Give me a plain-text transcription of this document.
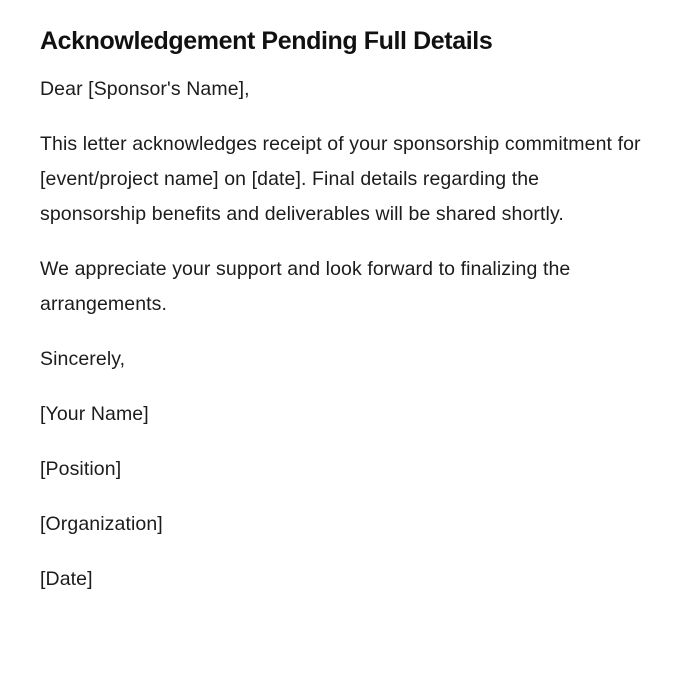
Acknowledgement Pending Full Details

Dear [Sponsor's Name],

This letter acknowledges receipt of your sponsorship commitment for [event/project name] on [date]. Final details regarding the sponsorship benefits and deliverables will be shared shortly.

We appreciate your support and look forward to finalizing the arrangements.

Sincerely,

[Your Name]

[Position]

[Organization]

[Date]
